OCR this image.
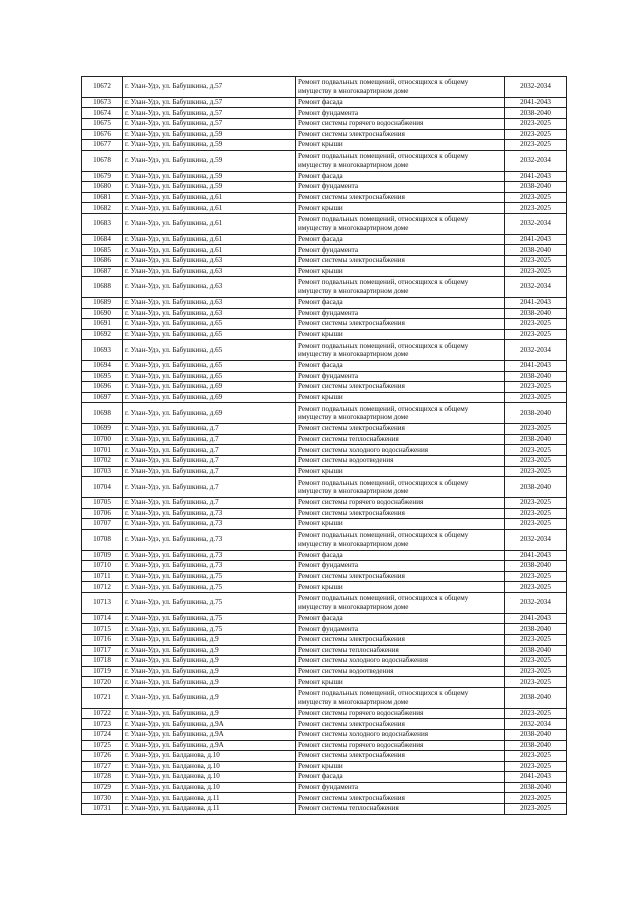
10672	г. Улан-Удэ, ул. Бабушкина, д.57	Ремонт подвальных помещений, относящихся к общему имуществу в многоквартирном доме	2032-2034
10673	г. Улан-Удэ, ул. Бабушкина, д.57	Ремонт фасада	2041-2043
10674	г. Улан-Удэ, ул. Бабушкина, д.57	Ремонт фундамента	2038-2040
10675	г. Улан-Удэ, ул. Бабушкина, д.57	Ремонт системы горячего водоснабжения	2023-2025
10676	г. Улан-Удэ, ул. Бабушкина, д.59	Ремонт системы электроснабжения	2023-2025
10677	г. Улан-Удэ, ул. Бабушкина, д.59	Ремонт крыши	2023-2025
10678	г. Улан-Удэ, ул. Бабушкина, д.59	Ремонт подвальных помещений, относящихся к общему имуществу в многоквартирном доме	2032-2034
10679	г. Улан-Удэ, ул. Бабушкина, д.59	Ремонт фасада	2041-2043
10680	г. Улан-Удэ, ул. Бабушкина, д.59	Ремонт фундамента	2038-2040
10681	г. Улан-Удэ, ул. Бабушкина, д.61	Ремонт системы электроснабжения	2023-2025
10682	г. Улан-Удэ, ул. Бабушкина, д.61	Ремонт крыши	2023-2025
10683	г. Улан-Удэ, ул. Бабушкина, д.61	Ремонт подвальных помещений, относящихся к общему имуществу в многоквартирном доме	2032-2034
10684	г. Улан-Удэ, ул. Бабушкина, д.61	Ремонт фасада	2041-2043
10685	г. Улан-Удэ, ул. Бабушкина, д.61	Ремонт фундамента	2038-2040
10686	г. Улан-Удэ, ул. Бабушкина, д.63	Ремонт системы электроснабжения	2023-2025
10687	г. Улан-Удэ, ул. Бабушкина, д.63	Ремонт крыши	2023-2025
10688	г. Улан-Удэ, ул. Бабушкина, д.63	Ремонт подвальных помещений, относящихся к общему имуществу в многоквартирном доме	2032-2034
10689	г. Улан-Удэ, ул. Бабушкина, д.63	Ремонт фасада	2041-2043
10690	г. Улан-Удэ, ул. Бабушкина, д.63	Ремонт фундамента	2038-2040
10691	г. Улан-Удэ, ул. Бабушкина, д.65	Ремонт системы электроснабжения	2023-2025
10692	г. Улан-Удэ, ул. Бабушкина, д.65	Ремонт крыши	2023-2025
10693	г. Улан-Удэ, ул. Бабушкина, д.65	Ремонт подвальных помещений, относящихся к общему имуществу в многоквартирном доме	2032-2034
10694	г. Улан-Удэ, ул. Бабушкина, д.65	Ремонт фасада	2041-2043
10695	г. Улан-Удэ, ул. Бабушкина, д.65	Ремонт фундамента	2038-2040
10696	г. Улан-Удэ, ул. Бабушкина, д.69	Ремонт системы электроснабжения	2023-2025
10697	г. Улан-Удэ, ул. Бабушкина, д.69	Ремонт крыши	2023-2025
10698	г. Улан-Удэ, ул. Бабушкина, д.69	Ремонт подвальных помещений, относящихся к общему имуществу в многоквартирном доме	2038-2040
10699	г. Улан-Удэ, ул. Бабушкина, д.7	Ремонт системы электроснабжения	2023-2025
10700	г. Улан-Удэ, ул. Бабушкина, д.7	Ремонт системы теплоснабжения	2038-2040
10701	г. Улан-Удэ, ул. Бабушкина, д.7	Ремонт системы холодного водоснабжения	2023-2025
10702	г. Улан-Удэ, ул. Бабушкина, д.7	Ремонт системы водоотведения	2023-2025
10703	г. Улан-Удэ, ул. Бабушкина, д.7	Ремонт крыши	2023-2025
10704	г. Улан-Удэ, ул. Бабушкина, д.7	Ремонт подвальных помещений, относящихся к общему имуществу в многоквартирном доме	2038-2040
10705	г. Улан-Удэ, ул. Бабушкина, д.7	Ремонт системы горячего водоснабжения	2023-2025
10706	г. Улан-Удэ, ул. Бабушкина, д.73	Ремонт системы электроснабжения	2023-2025
10707	г. Улан-Удэ, ул. Бабушкина, д.73	Ремонт крыши	2023-2025
10708	г. Улан-Удэ, ул. Бабушкина, д.73	Ремонт подвальных помещений, относящихся к общему имуществу в многоквартирном доме	2032-2034
10709	г. Улан-Удэ, ул. Бабушкина, д.73	Ремонт фасада	2041-2043
10710	г. Улан-Удэ, ул. Бабушкина, д.73	Ремонт фундамента	2038-2040
10711	г. Улан-Удэ, ул. Бабушкина, д.75	Ремонт системы электроснабжения	2023-2025
10712	г. Улан-Удэ, ул. Бабушкина, д.75	Ремонт крыши	2023-2025
10713	г. Улан-Удэ, ул. Бабушкина, д.75	Ремонт подвальных помещений, относящихся к общему имуществу в многоквартирном доме	2032-2034
10714	г. Улан-Удэ, ул. Бабушкина, д.75	Ремонт фасада	2041-2043
10715	г. Улан-Удэ, ул. Бабушкина, д.75	Ремонт фундамента	2038-2040
10716	г. Улан-Удэ, ул. Бабушкина, д.9	Ремонт системы электроснабжения	2023-2025
10717	г. Улан-Удэ, ул. Бабушкина, д.9	Ремонт системы теплоснабжения	2038-2040
10718	г. Улан-Удэ, ул. Бабушкина, д.9	Ремонт системы холодного водоснабжения	2023-2025
10719	г. Улан-Удэ, ул. Бабушкина, д.9	Ремонт системы водоотведения	2023-2025
10720	г. Улан-Удэ, ул. Бабушкина, д.9	Ремонт крыши	2023-2025
10721	г. Улан-Удэ, ул. Бабушкина, д.9	Ремонт подвальных помещений, относящихся к общему имуществу в многоквартирном доме	2038-2040
10722	г. Улан-Удэ, ул. Бабушкина, д.9	Ремонт системы горячего водоснабжения	2023-2025
10723	г. Улан-Удэ, ул. Бабушкина, д.9А	Ремонт системы электроснабжения	2032-2034
10724	г. Улан-Удэ, ул. Бабушкина, д.9А	Ремонт системы холодного водоснабжения	2038-2040
10725	г. Улан-Удэ, ул. Бабушкина, д.9А	Ремонт системы горячего водоснабжения	2038-2040
10726	г. Улан-Удэ, ул. Балданова, д.10	Ремонт системы электроснабжения	2023-2025
10727	г. Улан-Удэ, ул. Балданова, д.10	Ремонт крыши	2023-2025
10728	г. Улан-Удэ, ул. Балданова, д.10	Ремонт фасада	2041-2043
10729	г. Улан-Удэ, ул. Балданова, д.10	Ремонт фундамента	2038-2040
10730	г. Улан-Удэ, ул. Балданова, д.11	Ремонт системы электроснабжения	2023-2025
10731	г. Улан-Удэ, ул. Балданова, д.11	Ремонт системы теплоснабжения	2023-2025
